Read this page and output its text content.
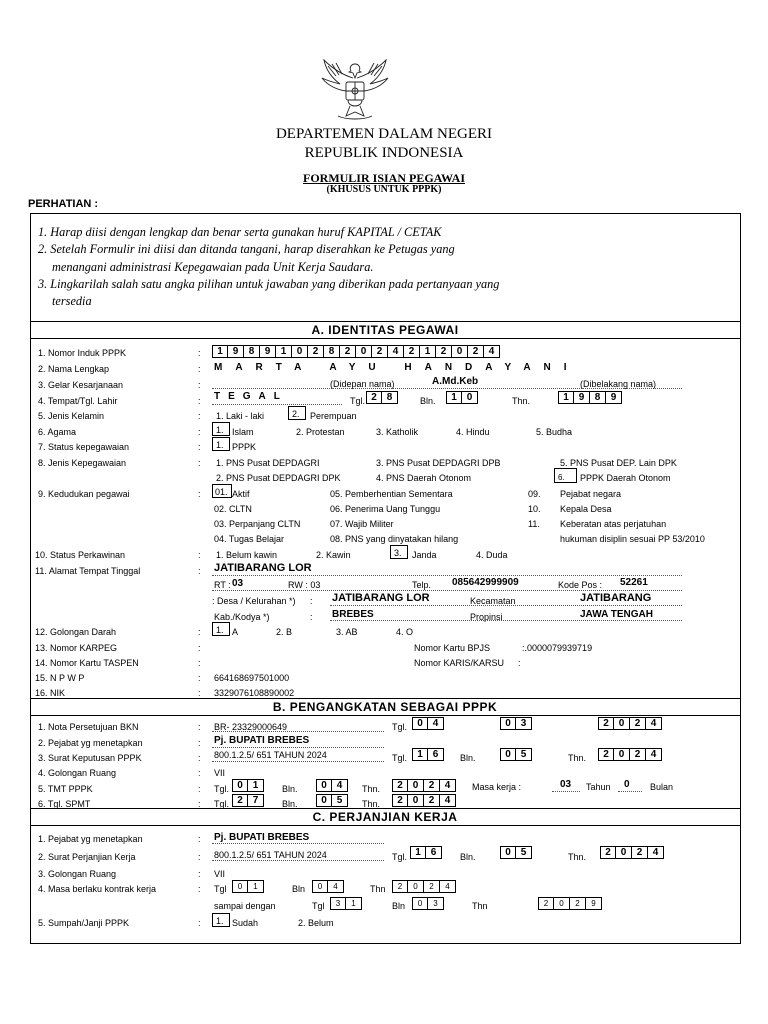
DEPARTEMEN DALAM NEGERI
REPUBLIK INDONESIA
FORMULIR ISIAN PEGAWAI
(KHUSUS UNTUK PPPK)
PERHATIAN :
1. Harap diisi dengan lengkap dan benar serta gunakan huruf KAPITAL / CETAK
2. Setelah Formulir ini diisi dan ditanda tangani, harap diserahkan ke Petugas yang
menangani administrasi Kepegawaian pada Unit Kerja Saudara.
3. Lingkarilah salah satu angka pilihan untuk jawaban yang diberikan pada pertanyaan yang
tersedia
A. IDENTITAS PEGAWAI
1. Nomor Induk PPPK	:	1 9	8	9	1	0	2	8	2	0	2	4	2	1	2	0	2	4
2. Nama Lengkap	: MARTA AYU HANDAYANI
3. Gelar Kesarjanaan	:	(Didepan nama)	A.Md.Keb	(Dibelakang nama)
4. Tempat/Tgl. Lahir	: TEGAL	Tgl. 2 8	Bln.	1 0	Thn.	1 9	8	9
5. Jenis Kelamin	: 1. Laki - laki	2.	Perempuan
6. Agama	:	1. Islam	2. Protestan	3. Katholik	4. Hindu	5. Budha
7. Status kepegawaian	:	1. PPPK
8. Jenis Kepegawaian	: 1. PNS Pusat DEPDAGRI
2. PNS Pusat DEPDAGRI DPK
3. PNS Pusat DEPDAGRI DPB
4. PNS Daerah Otonom
5. PNS Pusat DEP. Lain DPK
6.	PPPK Daerah Otonom
9. Kedudukan pegawai	:	01. Aktif
02. CLTN
03. Perpanjang CLTN
04. Tugas Belajar
05. Pemberhentian Sementara
06. Penerima Uang Tunggu
07. Wajib Militer
08. PNS yang dinyatakan hilang
09. Pejabat negara
10. Kepala Desa
11. Keberatan atas perjatuhan
hukuman disiplin sesuai PP 53/2010
10. Status Perkawinan	: 1. Belum kawin	2. Kawin	3.	Janda	4. Duda
11. Alamat Tempat Tinggal	: JATIBARANG LOR
RT : 03	RW : 03	Telp. 085642999909	Kode Pos : 52261
: Desa / Kelurahan *) : JATIBARANG LOR	Kecamatan	JATIBARANG
Kab./Kodya *)	: BREBES	Propinsi	JAWA TENGAH
12. Golongan Darah	:	1. A	2. B	3. AB	4. O
13. Nomor KARPEG	:	Nomor Kartu BPJS	:.0000079939719
14. Nomor Kartu TASPEN	:	Nomor KARIS/KARSU :
15. N P W P	: 664168697501000
16. NIK	: 3329076108890002
B. PENGANGKATAN SEBAGAI PPPK
1. Nota Persetujuan BKN	: BR- 23329000649	Tgl.	0 4	0 3	2 0	2	4
2. Pejabat yg menetapkan	: Pj. BUPATI BREBES
3. Surat Keputusan PPPK	: 800.1.2.5/ 651 TAHUN 2024	Tgl.	1 6	Bln.	0 5	Thn.	2 0	2	4
4. Golongan Ruang	: VII
5. TMT PPPK	: Tgl. 0 1	Bln.	0 4	Thn.	2 0	2	4	Masa kerja :	03 Tahun 0 Bulan
6. Tgl. SPMT	: Tgl. 2 7	Bln.	0 5	Thn.	2 0	2	4
C. PERJANJIAN KERJA
1. Pejabat yg menetapkan	: Pj. BUPATI BREBES
2. Surat Perjanjian Kerja	: 800.1.2.5/ 651 TAHUN 2024	Tgl. 1 6	Bln.	0 5	Thn.	2 0	2	4
3. Golongan Ruang	: VII
4. Masa berlaku kontrak kerja	: Tgl	0	1	Bln	0	4	Thn	2	0	2	4
sampai dengan	Tgl	3	1	Bln	0	3	Thn	2	0	2	9
5. Sumpah/Janji PPPK	:	1. Sudah	2. Belum
